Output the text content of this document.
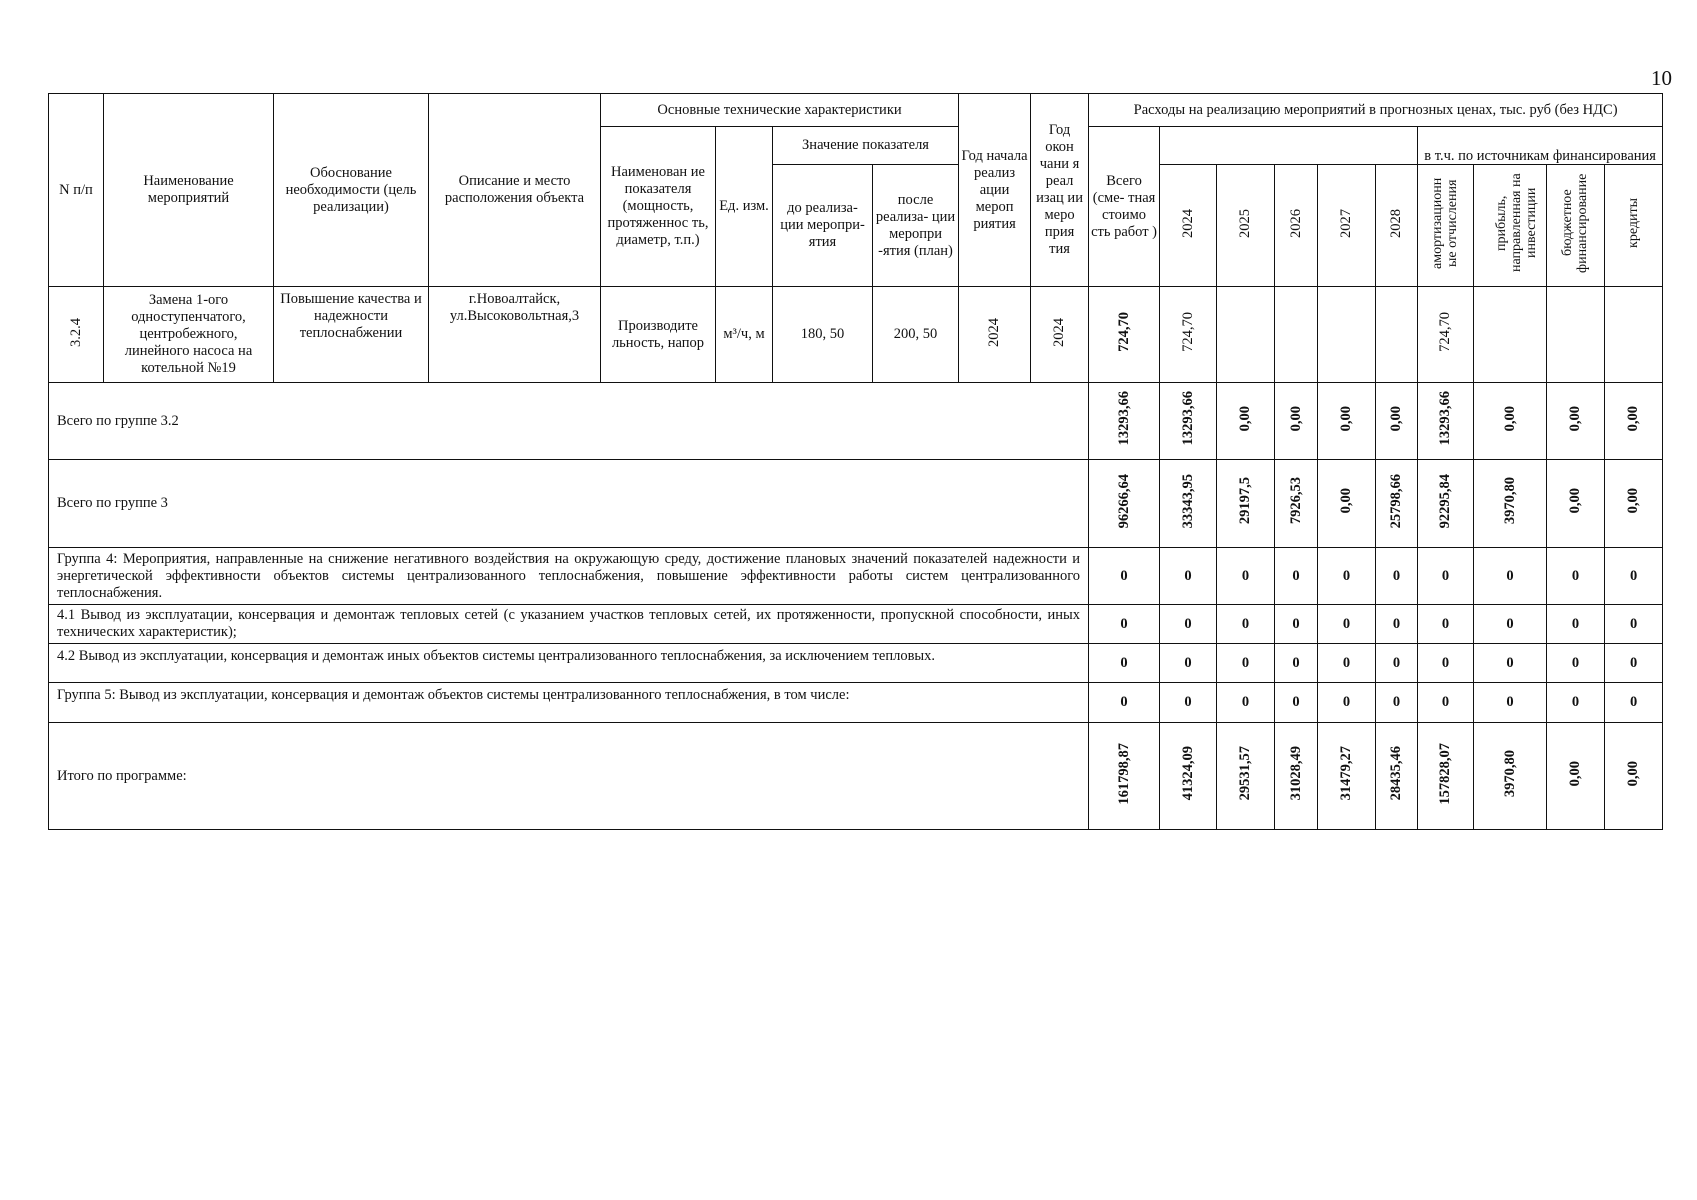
10
N п/п	Наименование мероприятий	Обоснование необходимости (цель реализации)	Описание и место расположения объекта	Основные технические характеристики				Год начала реализ ации мероп риятия	Год окон чани я реал изац ии меро прия тия	Расходы на реализацию мероприятий в прогнозных ценах, тыс. руб (без НДС)									
				Наименован ие показателя (мощность, протяженнос ть, диаметр, т.п.)	Ед. изм.	Значение показателя				Всего (сме- тная стоимо сть работ )						в т.ч. по источникам финансирования			
						до реализа- ции меропри- ятия	после реализа- ции меропри -ятия (план)				2024	2025	2026	2027	2028	амортизационн ые отчисления	прибыль, направленная на инвестиции	бюджетное финансирование	кредиты
3.2.4	Замена 1-ого одноступенчатого, центробежного, линейного насоса на котельной №19	Повышение качества и надежности теплоснабжении	г.Новоалтайск, ул.Высоковольтная,3	Производите льность, напор	м³/ч, м	180, 50	200, 50	2024	2024	724,70	724,70					724,70			
Всего по группе 3.2										13293,66	13293,66	0,00	0,00	0,00	0,00	13293,66	0,00	0,00	0,00
Всего по группе 3										96266,64	33343,95	29197,5	7926,53	0,00	25798,66	92295,84	3970,80	0,00	0,00
Группа 4: Мероприятия, направленные на снижение негативного воздействия на окружающую среду, достижение плановых значений показателей надежности и энергетической эффективности объектов системы централизованного теплоснабжения, повышение эффективности работы систем централизованного теплоснабжения.										0	0	0	0	0	0	0	0	0	0
4.1 Вывод из эксплуатации, консервация и демонтаж тепловых сетей (с указанием участков тепловых сетей, их протяженности, пропускной способности, иных технических характеристик);										0	0	0	0	0	0	0	0	0	0
4.2 Вывод из эксплуатации, консервация и демонтаж иных объектов системы централизованного теплоснабжения, за исключением тепловых.										0	0	0	0	0	0	0	0	0	0
Группа 5: Вывод из эксплуатации, консервация и демонтаж объектов системы централизованного теплоснабжения, в том числе:										0	0	0	0	0	0	0	0	0	0
Итого по программе:										161798,87	41324,09	29531,57	31028,49	31479,27	28435,46	157828,07	3970,80	0,00	0,00
